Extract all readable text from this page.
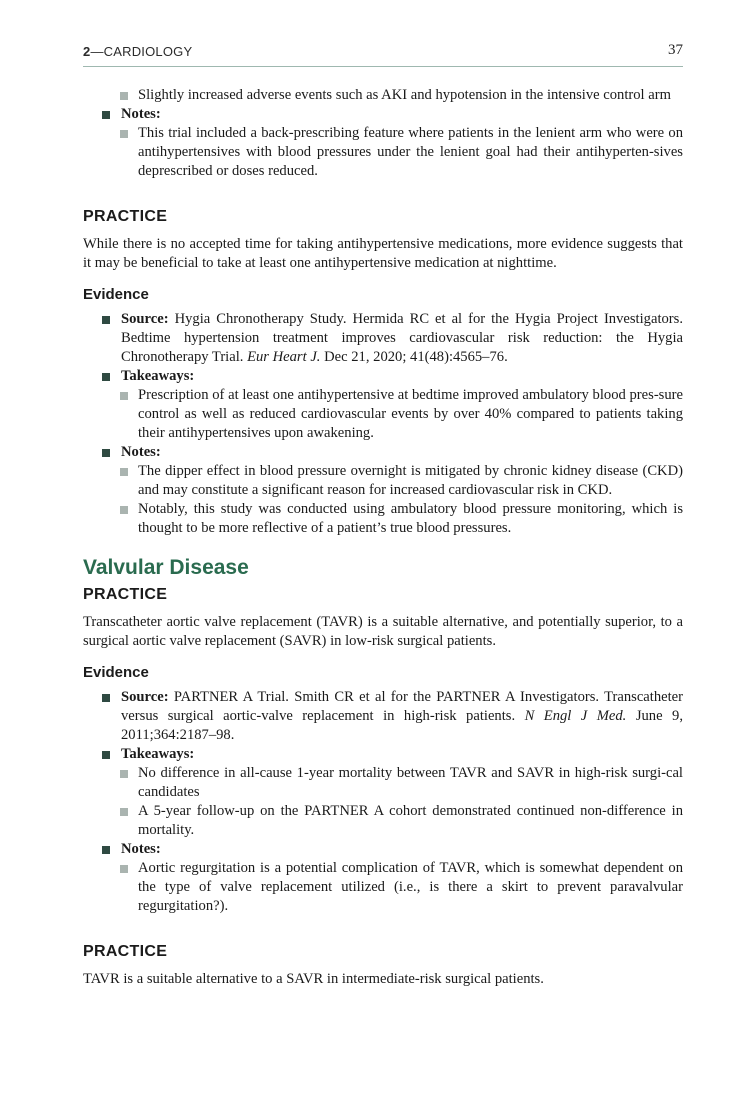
2—CARDIOLOGY	37
Slightly increased adverse events such as AKI and hypotension in the intensive control arm
Notes:
This trial included a back-prescribing feature where patients in the lenient arm who were on antihypertensives with blood pressures under the lenient goal had their antihyperten-sives deprescribed or doses reduced.
PRACTICE

While there is no accepted time for taking antihypertensive medications, more evidence suggests that it may be beneficial to take at least one antihypertensive medication at nighttime.

Evidence
Source: Hygia Chronotherapy Study. Hermida RC et al for the Hygia Project Investigators. Bedtime hypertension treatment improves cardiovascular risk reduction: the Hygia Chronotherapy Trial. Eur Heart J. Dec 21, 2020; 41(48):4565–76.
Takeaways:
Prescription of at least one antihypertensive at bedtime improved ambulatory blood pres-sure control as well as reduced cardiovascular events by over 40% compared to patients taking their antihypertensives upon awakening.
Notes:
The dipper effect in blood pressure overnight is mitigated by chronic kidney disease (CKD) and may constitute a significant reason for increased cardiovascular risk in CKD.
Notably, this study was conducted using ambulatory blood pressure monitoring, which is thought to be more reflective of a patient’s true blood pressures.
Valvular Disease
PRACTICE

Transcatheter aortic valve replacement (TAVR) is a suitable alternative, and potentially superior, to a surgical aortic valve replacement (SAVR) in low-risk surgical patients.

Evidence
Source: PARTNER A Trial. Smith CR et al for the PARTNER A Investigators. Transcatheter versus surgical aortic-valve replacement in high-risk patients. N Engl J Med. June 9, 2011;364:2187–98.
Takeaways:
No difference in all-cause 1-year mortality between TAVR and SAVR in high-risk surgi-cal candidates
A 5-year follow-up on the PARTNER A cohort demonstrated continued non-difference in mortality.
Notes:
Aortic regurgitation is a potential complication of TAVR, which is somewhat dependent on the type of valve replacement utilized (i.e., is there a skirt to prevent paravalvular regurgitation?).
PRACTICE

TAVR is a suitable alternative to a SAVR in intermediate-risk surgical patients.
